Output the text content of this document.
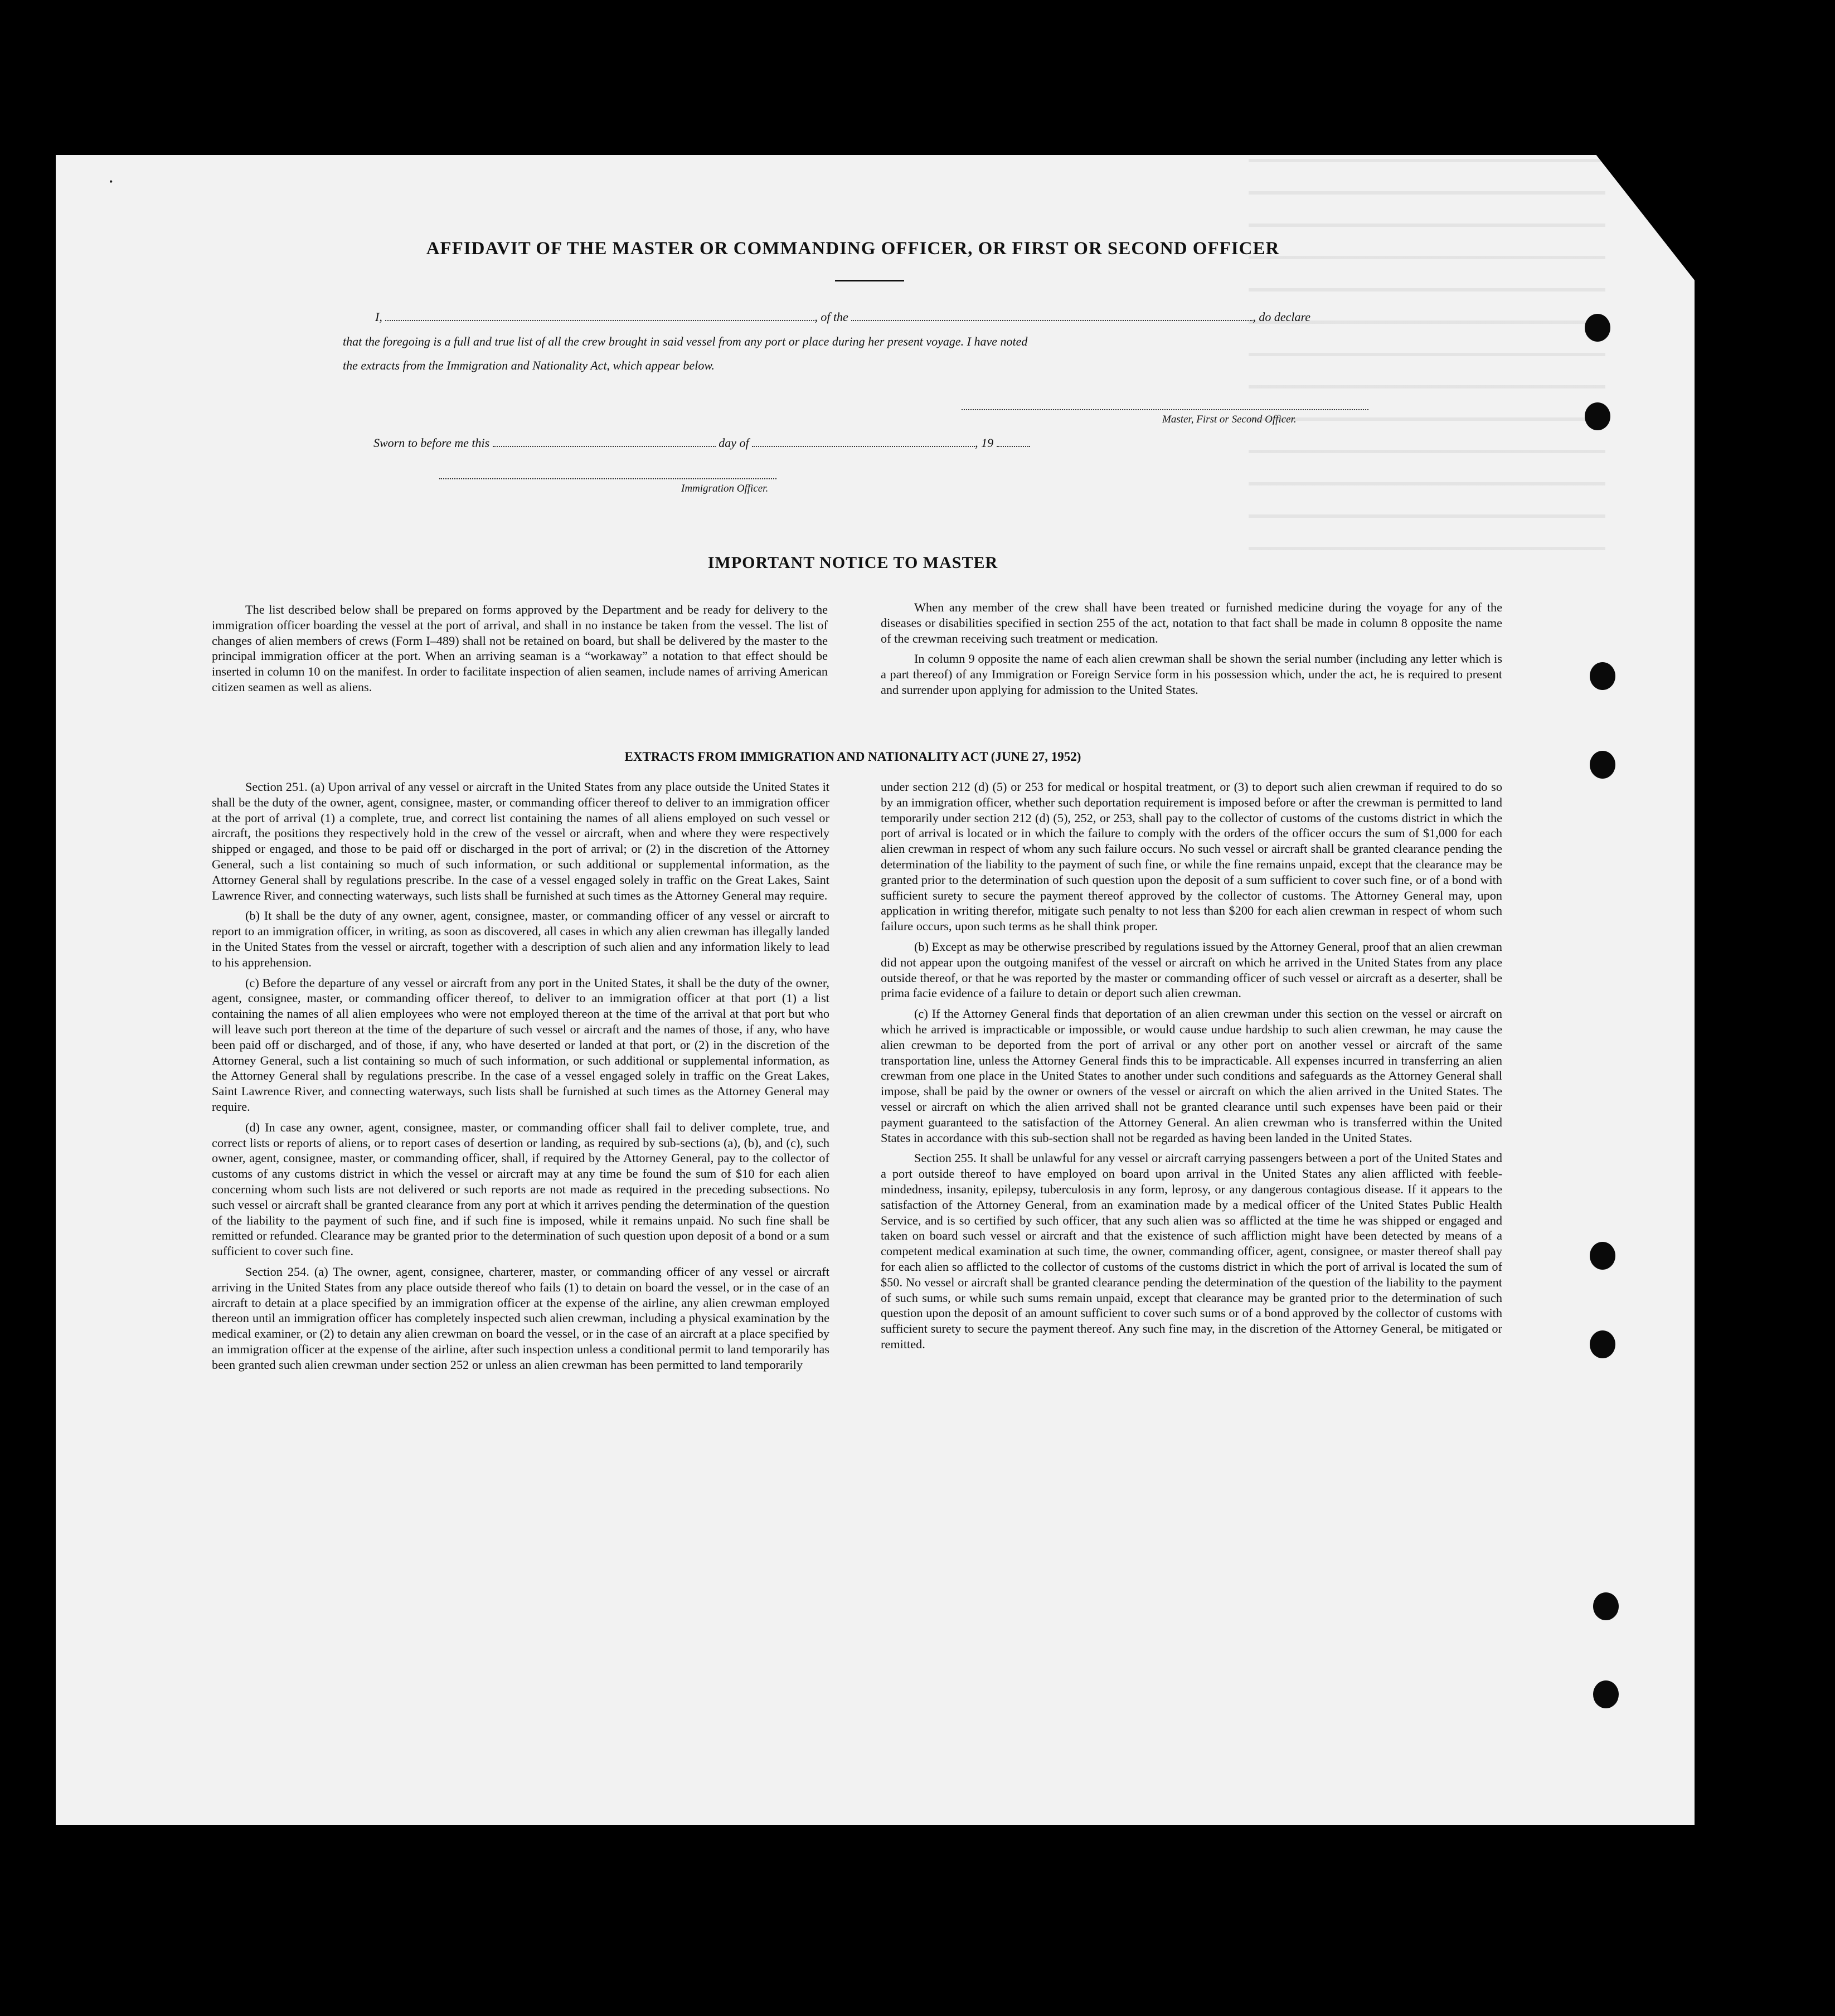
AFFIDAVIT OF THE MASTER OR COMMANDING OFFICER, OR FIRST OR SECOND OFFICER
I,	, of the	, do declare
that the foregoing is a full and true list of all the crew brought in said vessel from any port or place during her present voyage. I have noted
the extracts from the Immigration and Nationality Act, which appear below.
Master, First or Second Officer.
Sworn to before me this	day of	, 19
Immigration Officer.
IMPORTANT NOTICE TO MASTER

The list described below shall be prepared on forms approved by the Department and be ready for delivery to the immigration officer boarding the vessel at the port of arrival, and shall in no instance be taken from the vessel. The list of changes of alien members of crews (Form I–489) shall not be retained on board, but shall be delivered by the master to the principal immigration officer at the port. When an arriving seaman is a “workaway” a notation to that effect should be inserted in column 10 on the manifest. In order to facilitate inspection of alien seamen, include names of arriving American citizen seamen as well as aliens.

When any member of the crew shall have been treated or furnished medicine during the voyage for any of the diseases or disabilities specified in section 255 of the act, notation to that fact shall be made in column 8 opposite the name of the crewman receiving such treatment or medication.

In column 9 opposite the name of each alien crewman shall be shown the serial number (including any letter which is a part thereof) of any Immigration or Foreign Service form in his possession which, under the act, he is required to present and surrender upon applying for admission to the United States.

EXTRACTS FROM IMMIGRATION AND NATIONALITY ACT (JUNE 27, 1952)

Section 251. (a) Upon arrival of any vessel or aircraft in the United States from any place outside the United States it shall be the duty of the owner, agent, consignee, master, or commanding officer thereof to deliver to an immigration officer at the port of arrival (1) a complete, true, and correct list containing the names of all aliens employed on such vessel or aircraft, the positions they respectively hold in the crew of the vessel or aircraft, when and where they were respectively shipped or engaged, and those to be paid off or discharged in the port of arrival; or (2) in the discretion of the Attorney General, such a list containing so much of such information, or such additional or supplemental information, as the Attorney General shall by regulations prescribe. In the case of a vessel engaged solely in traffic on the Great Lakes, Saint Lawrence River, and connecting waterways, such lists shall be furnished at such times as the Attorney General may require.

(b) It shall be the duty of any owner, agent, consignee, master, or commanding officer of any vessel or aircraft to report to an immigration officer, in writing, as soon as discovered, all cases in which any alien crewman has illegally landed in the United States from the vessel or aircraft, together with a description of such alien and any information likely to lead to his apprehension.

(c) Before the departure of any vessel or aircraft from any port in the United States, it shall be the duty of the owner, agent, consignee, master, or commanding officer thereof, to deliver to an immigration officer at that port (1) a list containing the names of all alien employees who were not employed thereon at the time of the arrival at that port but who will leave such port thereon at the time of the departure of such vessel or aircraft and the names of those, if any, who have been paid off or discharged, and of those, if any, who have deserted or landed at that port, or (2) in the discretion of the Attorney General, such a list containing so much of such information, or such additional or supplemental information, as the Attorney General shall by regulations prescribe. In the case of a vessel engaged solely in traffic on the Great Lakes, Saint Lawrence River, and connecting waterways, such lists shall be furnished at such times as the Attorney General may require.

(d) In case any owner, agent, consignee, master, or commanding officer shall fail to deliver complete, true, and correct lists or reports of aliens, or to report cases of desertion or landing, as required by sub-sections (a), (b), and (c), such owner, agent, consignee, master, or commanding officer, shall, if required by the Attorney General, pay to the collector of customs of any customs district in which the vessel or aircraft may at any time be found the sum of $10 for each alien concerning whom such lists are not delivered or such reports are not made as required in the preceding subsections. No such vessel or aircraft shall be granted clearance from any port at which it arrives pending the determination of the question of the liability to the payment of such fine, and if such fine is imposed, while it remains unpaid. No such fine shall be remitted or refunded. Clearance may be granted prior to the determination of such question upon deposit of a bond or a sum sufficient to cover such fine.

Section 254. (a) The owner, agent, consignee, charterer, master, or commanding officer of any vessel or aircraft arriving in the United States from any place outside thereof who fails (1) to detain on board the vessel, or in the case of an aircraft to detain at a place specified by an immigration officer at the expense of the airline, any alien crewman employed thereon until an immigration officer has completely inspected such alien crewman, including a physical examination by the medical examiner, or (2) to detain any alien crewman on board the vessel, or in the case of an aircraft at a place specified by an immigration officer at the expense of the airline, after such inspection unless a conditional permit to land temporarily has been granted such alien crewman under section 252 or unless an alien crewman has been permitted to land temporarily

under section 212 (d) (5) or 253 for medical or hospital treatment, or (3) to deport such alien crewman if required to do so by an immigration officer, whether such deportation requirement is imposed before or after the crewman is permitted to land temporarily under section 212 (d) (5), 252, or 253, shall pay to the collector of customs of the customs district in which the port of arrival is located or in which the failure to comply with the orders of the officer occurs the sum of $1,000 for each alien crewman in respect of whom any such failure occurs. No such vessel or aircraft shall be granted clearance pending the determination of the liability to the payment of such fine, or while the fine remains unpaid, except that the clearance may be granted prior to the determination of such question upon the deposit of a sum sufficient to cover such fine, or of a bond with sufficient surety to secure the payment thereof approved by the collector of customs. The Attorney General may, upon application in writing therefor, mitigate such penalty to not less than $200 for each alien crewman in respect of whom such failure occurs, upon such terms as he shall think proper.

(b) Except as may be otherwise prescribed by regulations issued by the Attorney General, proof that an alien crewman did not appear upon the outgoing manifest of the vessel or aircraft on which he arrived in the United States from any place outside thereof, or that he was reported by the master or commanding officer of such vessel or aircraft as a deserter, shall be prima facie evidence of a failure to detain or deport such alien crewman.

(c) If the Attorney General finds that deportation of an alien crewman under this section on the vessel or aircraft on which he arrived is impracticable or impossible, or would cause undue hardship to such alien crewman, he may cause the alien crewman to be deported from the port of arrival or any other port on another vessel or aircraft of the same transportation line, unless the Attorney General finds this to be impracticable. All expenses incurred in transferring an alien crewman from one place in the United States to another under such conditions and safeguards as the Attorney General shall impose, shall be paid by the owner or owners of the vessel or aircraft on which the alien arrived in the United States. The vessel or aircraft on which the alien arrived shall not be granted clearance until such expenses have been paid or their payment guaranteed to the satisfaction of the Attorney General. An alien crewman who is transferred within the United States in accordance with this sub-section shall not be regarded as having been landed in the United States.

Section 255. It shall be unlawful for any vessel or aircraft carrying passengers between a port of the United States and a port outside thereof to have employed on board upon arrival in the United States any alien afflicted with feeble-mindedness, insanity, epilepsy, tuberculosis in any form, leprosy, or any dangerous contagious disease. If it appears to the satisfaction of the Attorney General, from an examination made by a medical officer of the United States Public Health Service, and is so certified by such officer, that any such alien was so afflicted at the time he was shipped or engaged and taken on board such vessel or aircraft and that the existence of such affliction might have been detected by means of a competent medical examination at such time, the owner, commanding officer, agent, consignee, or master thereof shall pay for each alien so afflicted to the collector of customs of the customs district in which the port of arrival is located the sum of $50. No vessel or aircraft shall be granted clearance pending the determination of the question of the liability to the payment of such sums, or while such sums remain unpaid, except that clearance may be granted prior to the determination of such question upon the deposit of an amount sufficient to cover such sums or of a bond approved by the collector of customs with sufficient surety to secure the payment thereof. Any such fine may, in the discretion of the Attorney General, be mitigated or remitted.

•
